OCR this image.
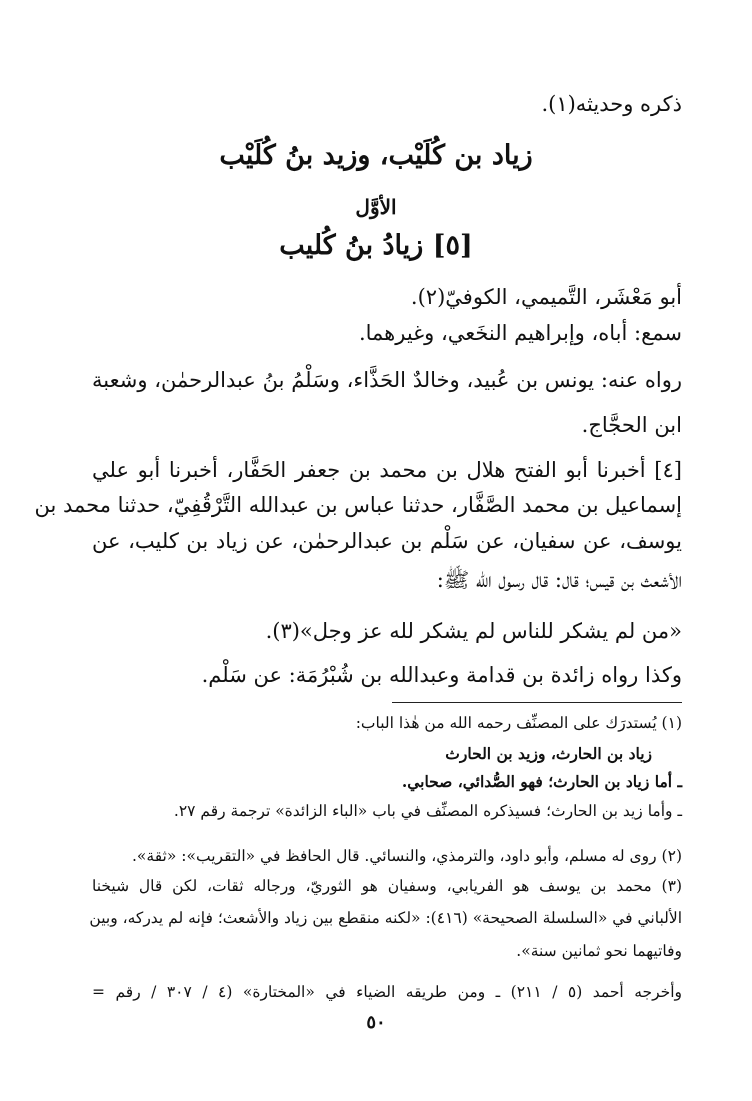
ذكره وحديثه(١).
زياد بن كُلَيْب، وزيد بنُ كُلَيْب
الأوَّل
[٥] زيادُ بنُ كُليب
أبو مَعْشَر، التَّميمي، الكوفيّ(٢).
سمع: أباه، وإبراهيم النخَعي، وغيرهما.
رواه عنه: يونس بن عُبيد، وخالدٌ الحَذَّاء، وسَلْمُ بنُ عبدالرحمٰن، وشعبة
ابن الحجَّاج.
[٤] أخبرنا أبو الفتح هلال بن محمد بن جعفر الحَفَّار، أخبرنا أبو علي
إسماعيل بن محمد الصَّفَّار، حدثنا عباس بن عبدالله التَّرْقُفِيّ، حدثنا محمد بن
يوسف، عن سفيان، عن سَلْم بن عبدالرحمٰن، عن زياد بن كليب، عن
الأشعث بن قيس؛ قال: قال رسول الله ﷺ:
«من لم يشكر للناس لم يشكر لله عز وجل»(٣).
وكذا رواه زائدة بن قدامة وعبدالله بن شُبْرُمَة: عن سَلْم.
(١) يُستدرَك على المصنِّف رحمه الله من هٰذا الباب:
زياد بن الحارث، وزيد بن الحارث
ـ أما زياد بن الحارث؛ فهو الصُّدائي، صحابي.
ـ وأما زيد بن الحارث؛ فسيذكره المصنِّف في باب «الباء الزائدة» ترجمة رقم ٢٧.
(٢) روى له مسلم، وأبو داود، والترمذي، والنسائي. قال الحافظ في «التقريب»: «ثقة».
(٣) محمد بن يوسف هو الفريابي، وسفيان هو الثوريّ، ورجاله ثقات، لكن قال شيخنا
الألباني في «السلسلة الصحيحة» (٤١٦): «لكنه منقطع بين زياد والأشعث؛ فإنه لم يدركه، وبين
وفاتيهما نحو ثمانين سنة».
وأخرجه أحمد (٥ / ٢١١) ـ ومن طريقه الضياء في «المختارة» (٤ / ٣٠٧ / رقم =
٥٠
